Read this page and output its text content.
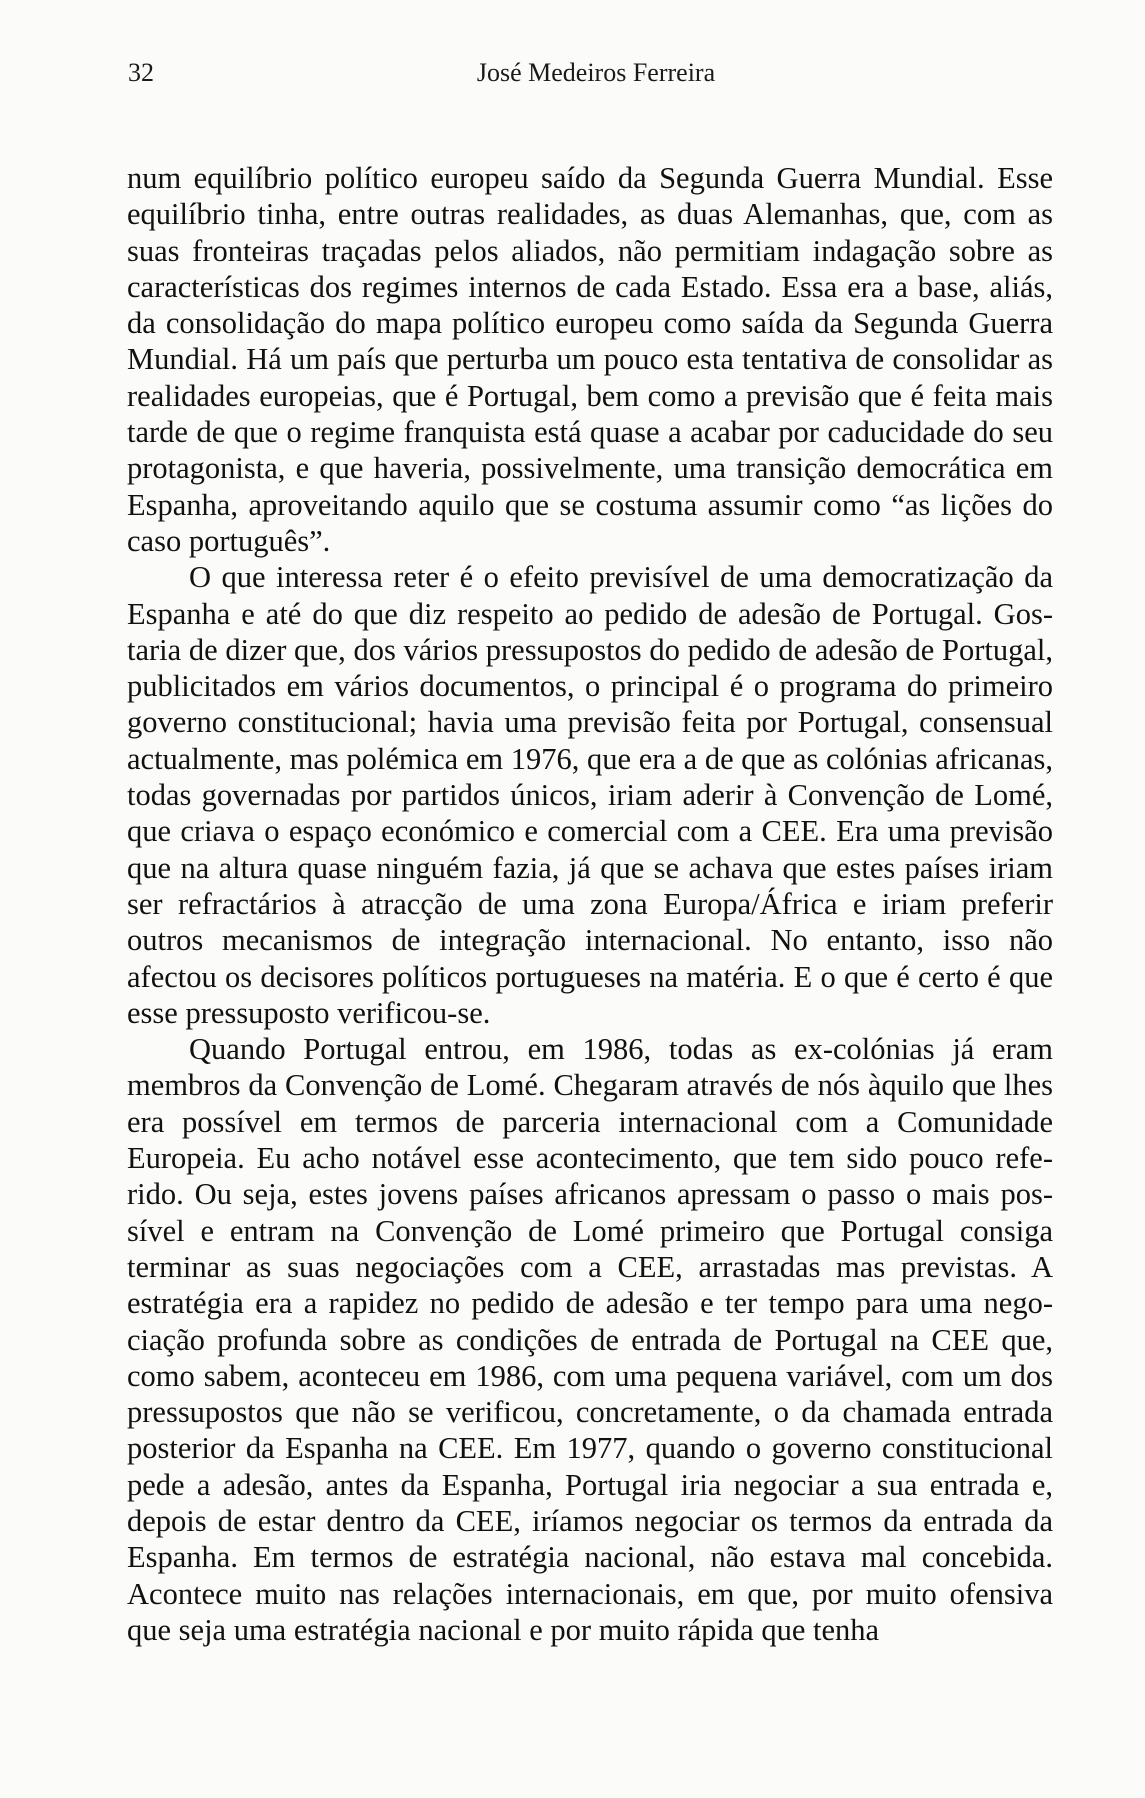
32	José Medeiros Ferreira

num equilíbrio político europeu saído da Segunda Guerra Mundial. Esse equilíbrio tinha, entre outras realidades, as duas Alemanhas, que, com as suas fronteiras traçadas pelos aliados, não permitiam indagação sobre as características dos regimes internos de cada Estado. Essa era a base, aliás, da consolidação do mapa político europeu como saída da Segunda Guerra Mundial. Há um país que perturba um pouco esta tentativa de consolidar as realidades europeias, que é Portugal, bem como a previsão que é feita mais tarde de que o regime franquista está quase a acabar por caducidade do seu protagonista, e que haveria, possivelmente, uma transição democrática em Espanha, aproveitando aquilo que se costuma assumir como “as lições do caso português”.

O que interessa reter é o efeito previsível de uma democratização da Espanha e até do que diz respeito ao pedido de adesão de Portugal. Gostaria de dizer que, dos vários pressupostos do pedido de adesão de Portugal, publicitados em vários documentos, o principal é o programa do primeiro governo constitucional; havia uma previsão feita por Portugal, consensual actualmente, mas polémica em 1976, que era a de que as colónias africanas, todas governadas por partidos únicos, iriam aderir à Convenção de Lomé, que criava o espaço económico e comercial com a CEE. Era uma previsão que na altura quase ninguém fazia, já que se achava que estes países iriam ser refractários à atracção de uma zona Europa/África e iriam preferir outros mecanismos de integração internacional. No entanto, isso não afectou os decisores políticos portugueses na matéria. E o que é certo é que esse pressuposto verificou-se.

Quando Portugal entrou, em 1986, todas as ex-colónias já eram membros da Convenção de Lomé. Chegaram através de nós àquilo que lhes era possível em termos de parceria internacional com a Comunidade Europeia. Eu acho notável esse acontecimento, que tem sido pouco referido. Ou seja, estes jovens países africanos apressam o passo o mais possível e entram na Convenção de Lomé primeiro que Portugal consiga terminar as suas negociações com a CEE, arrastadas mas previstas. A estratégia era a rapidez no pedido de adesão e ter tempo para uma negociação profunda sobre as condições de entrada de Portugal na CEE que, como sabem, aconteceu em 1986, com uma pequena variável, com um dos pressupostos que não se verificou, concretamente, o da chamada entrada posterior da Espanha na CEE. Em 1977, quando o governo constitucional pede a adesão, antes da Espanha, Portugal iria negociar a sua entrada e, depois de estar dentro da CEE, iríamos negociar os termos da entrada da Espanha. Em termos de estratégia nacional, não estava mal concebida. Acontece muito nas relações internacionais, em que, por muito ofensiva que seja uma estratégia nacional e por muito rápida que tenha
